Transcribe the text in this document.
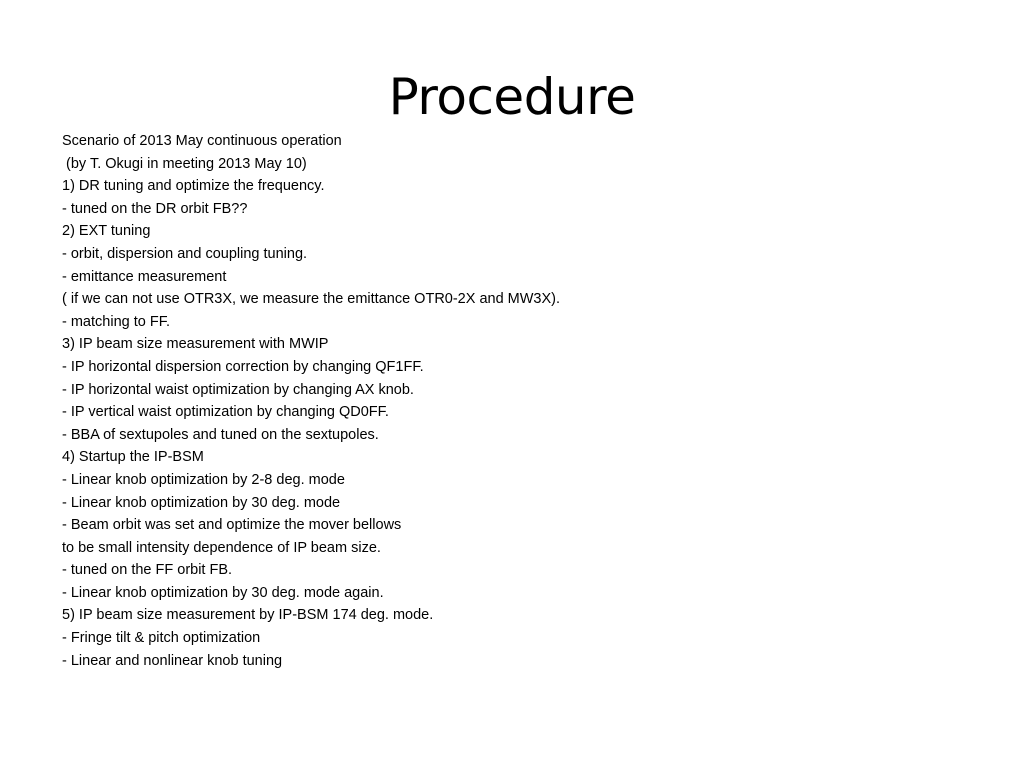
Procedure
Scenario of 2013 May continuous operation
(by T. Okugi in meeting 2013 May 10)
1) DR tuning and optimize the frequency.
- tuned on the DR orbit FB??
2) EXT tuning
- orbit, dispersion and coupling tuning.
- emittance measurement
( if we can not use OTR3X, we measure the emittance OTR0-2X and MW3X).
- matching to FF.
3) IP beam size measurement with MWIP
- IP horizontal dispersion correction by changing QF1FF.
- IP horizontal waist optimization by changing AX knob.
- IP vertical waist optimization by changing QD0FF.
- BBA of sextupoles and tuned on the sextupoles.
4) Startup the IP-BSM
- Linear knob optimization by 2-8 deg. mode
- Linear knob optimization by 30 deg. mode
- Beam orbit was set and optimize the mover bellows
to be small intensity dependence of IP beam size.
- tuned on the FF orbit FB.
- Linear knob optimization by 30 deg. mode again.
5) IP beam size measurement by IP-BSM 174 deg. mode.
- Fringe tilt & pitch optimization
- Linear and nonlinear knob tuning
